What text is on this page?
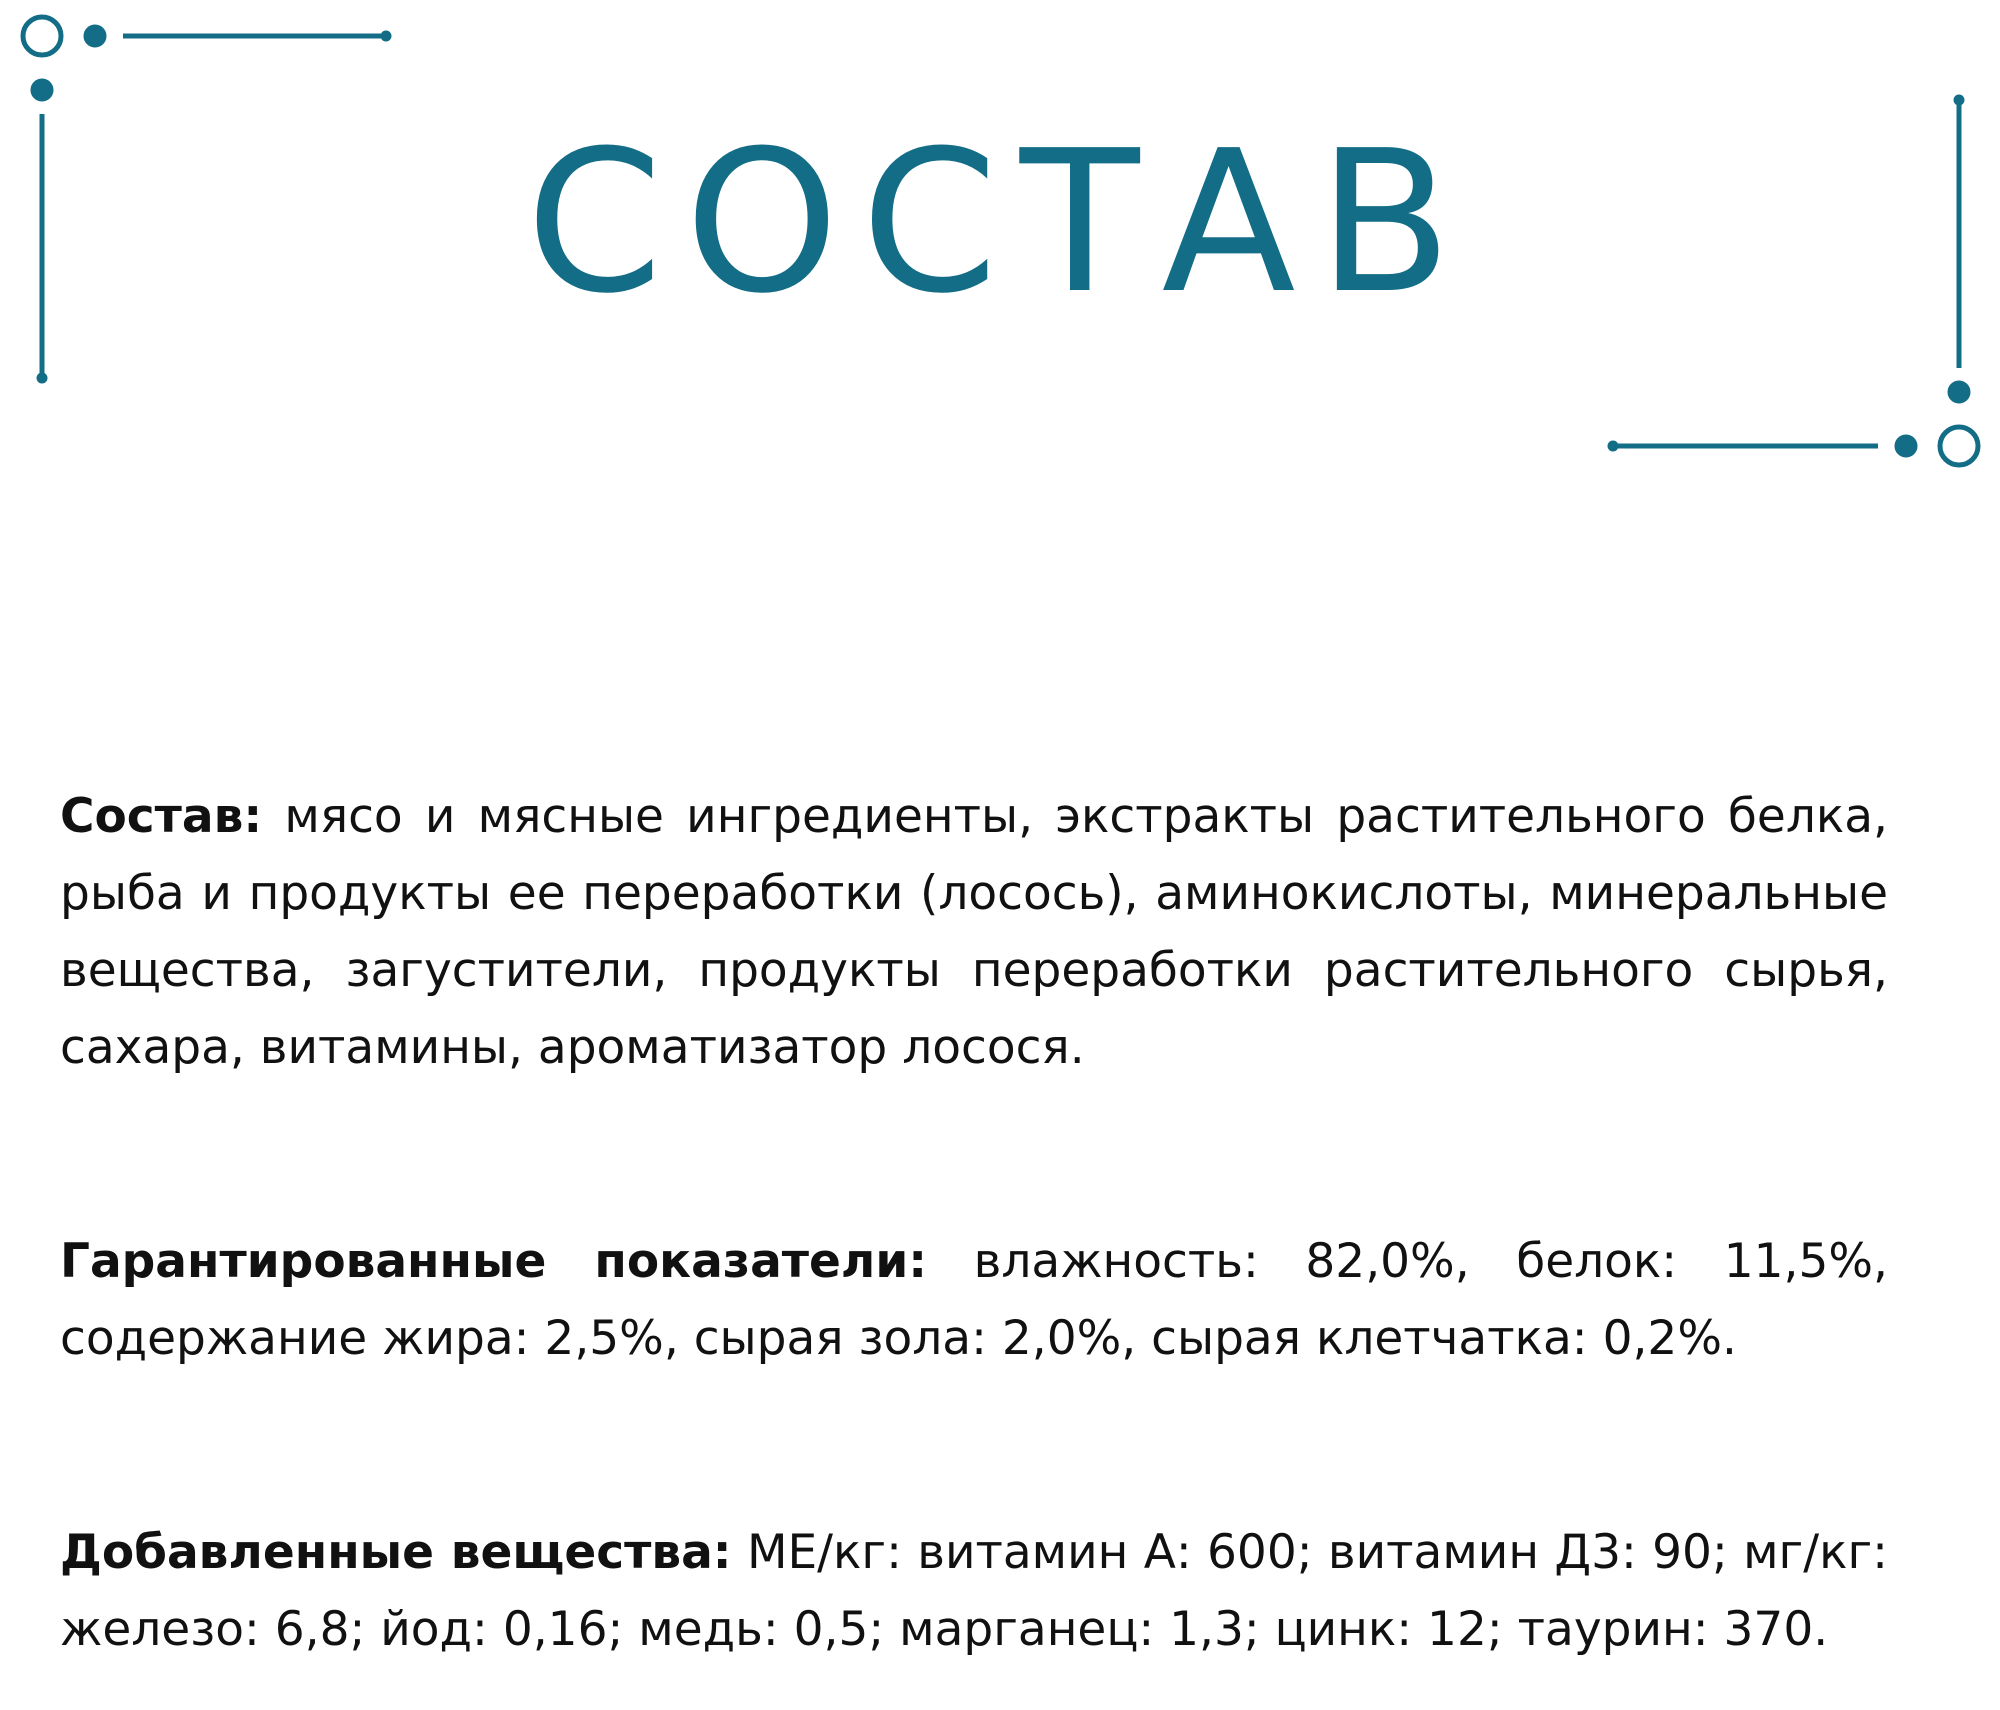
СОСТАВ

Состав: мясо и мясные ингредиенты, экстракты растительного белка, рыба и продукты ее переработки (лосось), аминокислоты, минеральные вещества, загустители, продукты переработки растительного сырья, сахара, витамины, ароматизатор лосося.

Гарантированные показатели: влажность: 82,0%, белок: 11,5%, содержание жира: 2,5%, сырая зола: 2,0%, сырая клетчатка: 0,2%.

Добавленные вещества: МЕ/кг: витамин А: 600; витамин Д3: 90; мг/кг: железо: 6,8; йод: 0,16; медь: 0,5; марганец: 1,3; цинк: 12; таурин: 370.
